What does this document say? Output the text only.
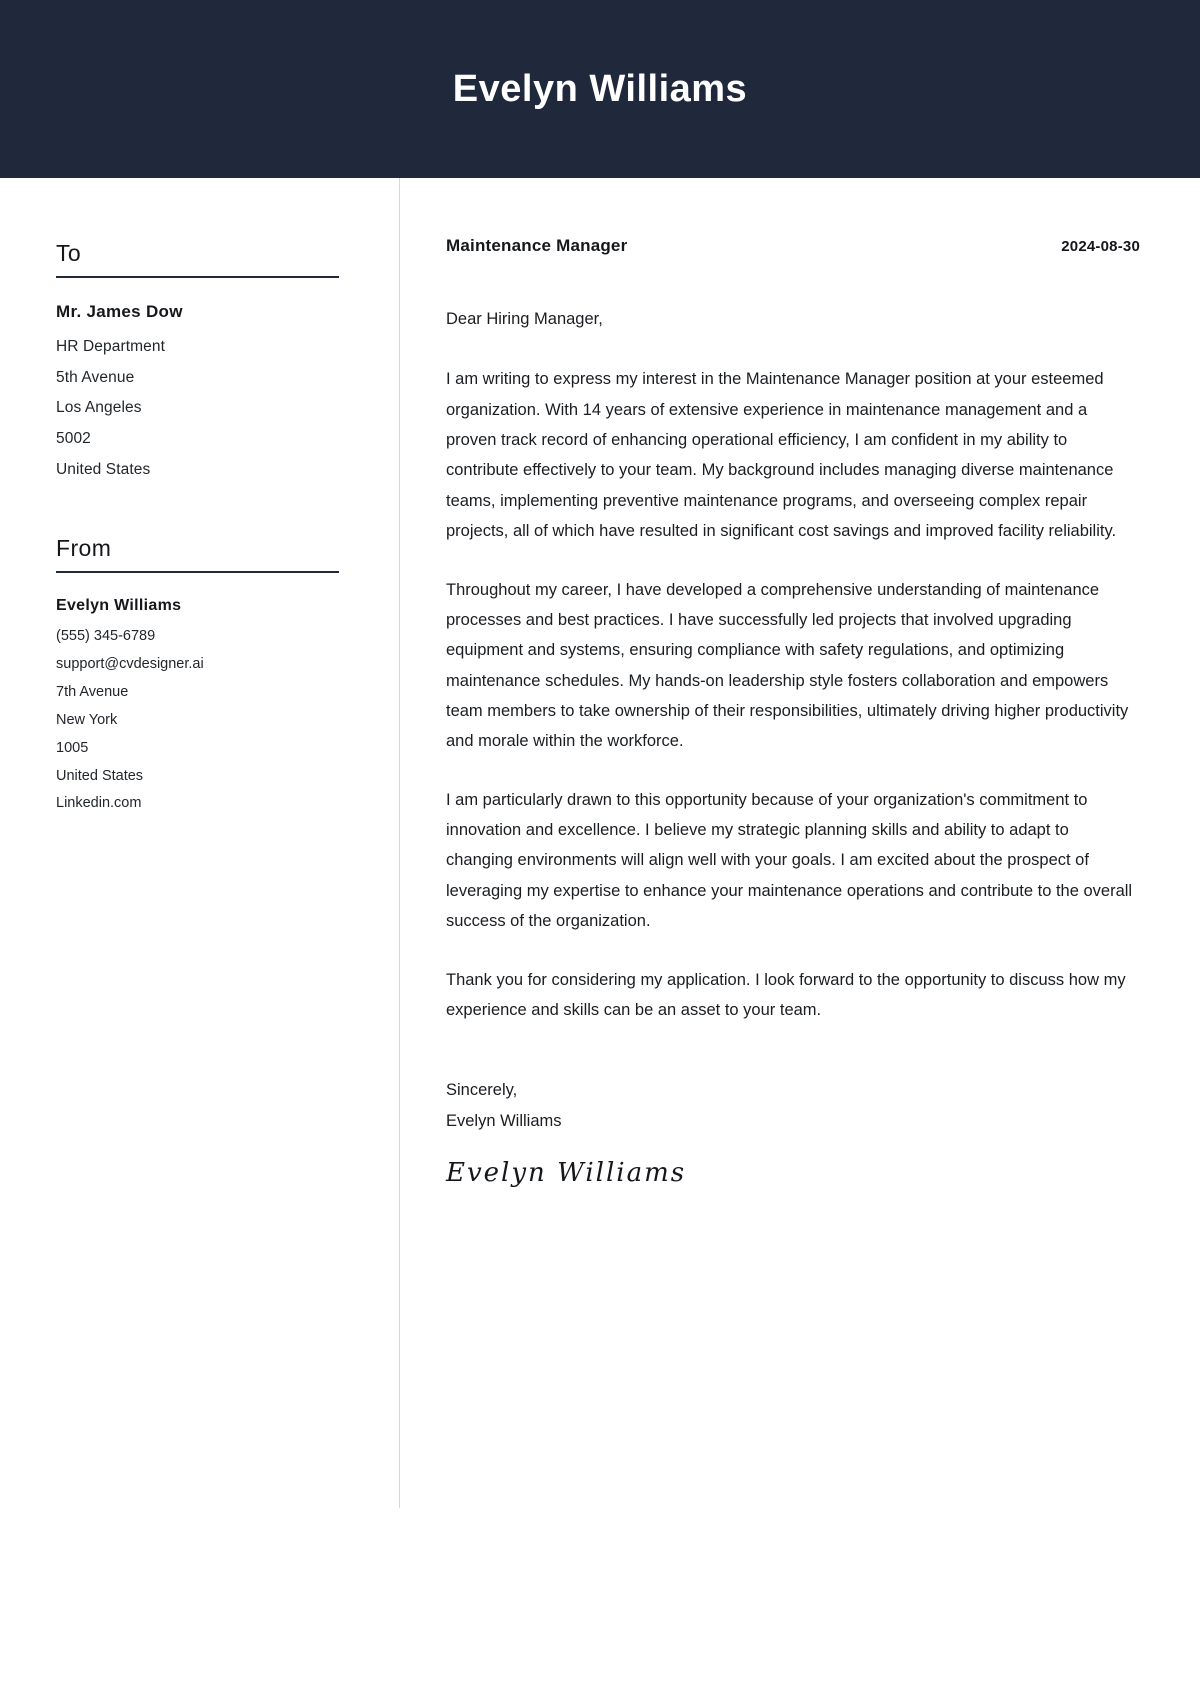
Evelyn Williams
To
Mr. James Dow
HR Department
5th Avenue
Los Angeles
5002
United States
From
Evelyn Williams
(555) 345-6789
support@cvdesigner.ai
7th Avenue
New York
1005
United States
Linkedin.com
Maintenance Manager	2024-08-30
Dear Hiring Manager,

I am writing to express my interest in the Maintenance Manager position at your esteemed organization. With 14 years of extensive experience in maintenance management and a proven track record of enhancing operational efficiency, I am confident in my ability to contribute effectively to your team. My background includes managing diverse maintenance teams, implementing preventive maintenance programs, and overseeing complex repair projects, all of which have resulted in significant cost savings and improved facility reliability.

Throughout my career, I have developed a comprehensive understanding of maintenance processes and best practices. I have successfully led projects that involved upgrading equipment and systems, ensuring compliance with safety regulations, and optimizing maintenance schedules. My hands-on leadership style fosters collaboration and empowers team members to take ownership of their responsibilities, ultimately driving higher productivity and morale within the workforce.

I am particularly drawn to this opportunity because of your organization's commitment to innovation and excellence. I believe my strategic planning skills and ability to adapt to changing environments will align well with your goals. I am excited about the prospect of leveraging my expertise to enhance your maintenance operations and contribute to the overall success of the organization.

Thank you for considering my application. I look forward to the opportunity to discuss how my experience and skills can be an asset to your team.

Sincerely,
Evelyn Williams
Evelyn Williams
